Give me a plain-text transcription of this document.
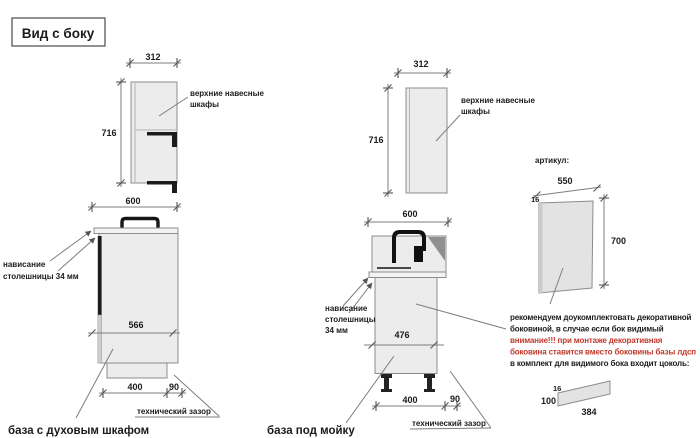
Вид с боку
312
716
верхние навесные
шкафы
600
566
400	90
нависание
столешницы 34 мм
технический зазор
база с духовым шкафом
312
716
верхние навесные
шкафы
600
476
400	90
нависание
столешницы
34 мм
технический зазор
база под мойку
артикул:
550
16
700
рекомендуем доукомплектовать декоративной
боковиной, в случае если бок видимый
внимание!!! при монтаже декоративная
боковина ставится вместо боковины базы лдсп
в комплект для видимого бока входит цоколь:
16
100
384
